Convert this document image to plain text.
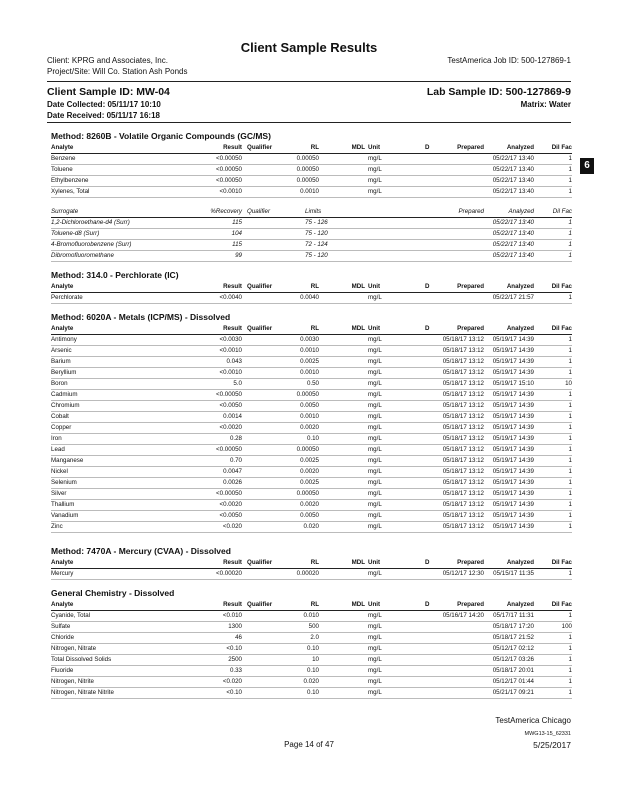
Client Sample Results
Client: KPRG and Associates, Inc.
Project/Site: Will Co. Station Ash Ponds
TestAmerica Job ID: 500-127869-1
Client Sample ID: MW-04	Lab Sample ID: 500-127869-9
Date Collected: 05/11/17 10:10
Date Received: 05/11/17 16:18
Matrix: Water
6
Method: 8260B - Volatile Organic Compounds (GC/MS)
Analyte	Result Qualifier	RL	MDL Unit	D	Prepared	Analyzed	Dil Fac
Benzene	<0.00050	0.00050	mg/L	05/22/17 13:40	1
Toluene	<0.00050	0.00050	mg/L	05/22/17 13:40	1
Ethylbenzene	<0.00050	0.00050	mg/L	05/22/17 13:40	1
Xylenes, Total	<0.0010	0.0010	mg/L	05/22/17 13:40	1
Surrogate	%Recovery Qualifier	Limits	Prepared	Analyzed	Dil Fac
1,2-Dichloroethane-d4 (Surr)	115	75 - 126	05/22/17 13:40	1
Toluene-d8 (Surr)	104	75 - 120	05/22/17 13:40	1
4-Bromofluorobenzene (Surr)	115	72 - 124	05/22/17 13:40	1
Dibromofluoromethane	99	75 - 120	05/22/17 13:40	1
Method: 314.0 - Perchlorate (IC)
Analyte	Result Qualifier	RL	MDL Unit	D	Prepared	Analyzed	Dil Fac
Perchlorate	<0.0040	0.0040	mg/L	05/22/17 21:57	1
Method: 6020A - Metals (ICP/MS) - Dissolved
Analyte	Result Qualifier	RL	MDL Unit	D	Prepared	Analyzed	Dil Fac
Antimony	<0.0030	0.0030	mg/L	05/18/17 13:12 05/19/17 14:39	1
Arsenic	<0.0010	0.0010	mg/L	05/18/17 13:12 05/19/17 14:39	1
Barium	0.043	0.0025	mg/L	05/18/17 13:12 05/19/17 14:39	1
Beryllium	<0.0010	0.0010	mg/L	05/18/17 13:12 05/19/17 14:39	1
Boron	5.0	0.50	mg/L	05/18/17 13:12 05/19/17 15:10	10
Cadmium	<0.00050	0.00050	mg/L	05/18/17 13:12 05/19/17 14:39	1
Chromium	<0.0050	0.0050	mg/L	05/18/17 13:12 05/19/17 14:39	1
Cobalt	0.0014	0.0010	mg/L	05/18/17 13:12 05/19/17 14:39	1
Copper	<0.0020	0.0020	mg/L	05/18/17 13:12 05/19/17 14:39	1
Iron	0.28	0.10	mg/L	05/18/17 13:12 05/19/17 14:39	1
Lead	<0.00050	0.00050	mg/L	05/18/17 13:12 05/19/17 14:39	1
Manganese	0.70	0.0025	mg/L	05/18/17 13:12 05/19/17 14:39	1
Nickel	0.0047	0.0020	mg/L	05/18/17 13:12 05/19/17 14:39	1
Selenium	0.0026	0.0025	mg/L	05/18/17 13:12 05/19/17 14:39	1
Silver	<0.00050	0.00050	mg/L	05/18/17 13:12 05/19/17 14:39	1
Thallium	<0.0020	0.0020	mg/L	05/18/17 13:12 05/19/17 14:39	1
Vanadium	<0.0050	0.0050	mg/L	05/18/17 13:12 05/19/17 14:39	1
Zinc	<0.020	0.020	mg/L	05/18/17 13:12 05/19/17 14:39	1
Method: 7470A - Mercury (CVAA) - Dissolved
Analyte	Result Qualifier	RL	MDL Unit	D	Prepared	Analyzed	Dil Fac
Mercury	<0.00020	0.00020	mg/L	05/12/17 12:30 05/15/17 11:35	1
General Chemistry - Dissolved
Analyte	Result Qualifier	RL	MDL Unit	D	Prepared	Analyzed	Dil Fac
Cyanide, Total	<0.010	0.010	mg/L	05/16/17 14:20 05/17/17 11:31	1
Sulfate	1300	500	mg/L	05/18/17 17:20	100
Chloride	46	2.0	mg/L	05/18/17 21:52	1
Nitrogen, Nitrate	<0.10	0.10	mg/L	05/12/17 02:12	1
Total Dissolved Solids	2500	10	mg/L	05/12/17 03:26	1
Fluoride	0.33	0.10	mg/L	05/18/17 20:01	1
Nitrogen, Nitrite	<0.020	0.020	mg/L	05/12/17 01:44	1
Nitrogen, Nitrate Nitrite	<0.10	0.10	mg/L	05/21/17 09:21	1
TestAmerica Chicago
MWG13-15_62331
Page 14 of 47	5/25/2017
